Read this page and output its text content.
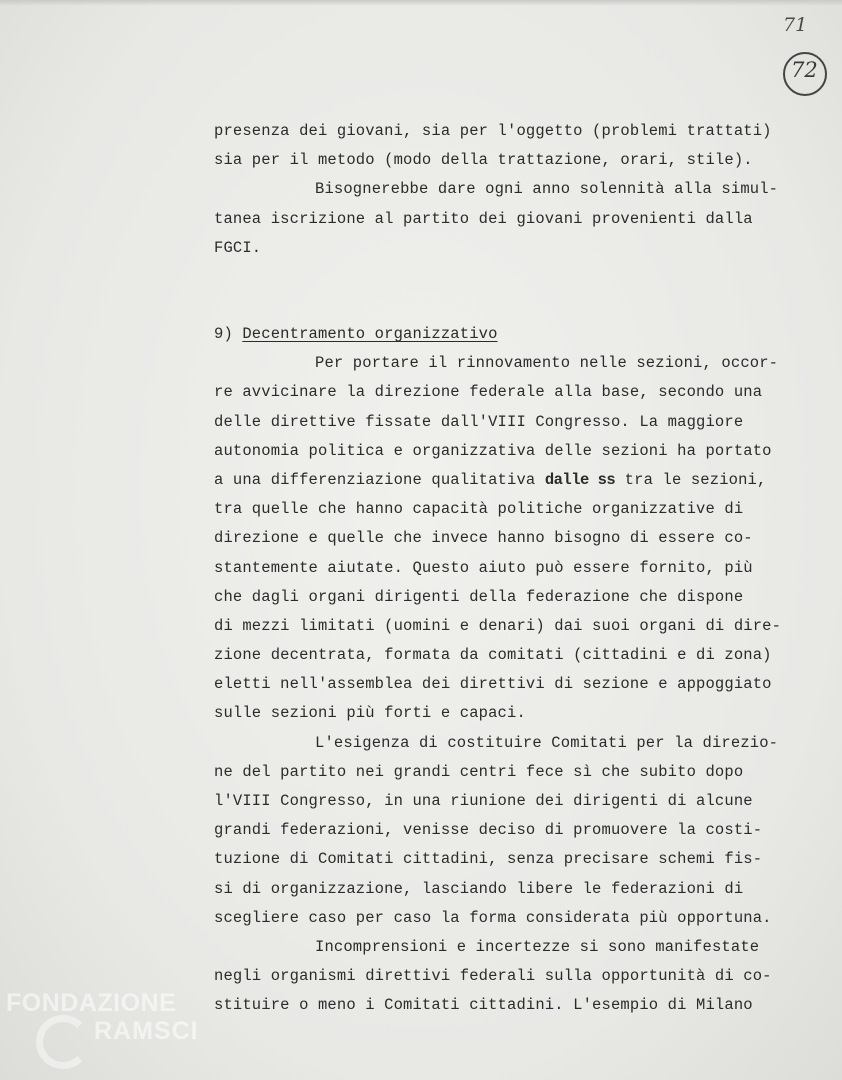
71
72
presenza dei giovani, sia per l'oggetto (problemi trattati)
sia per il metodo (modo della trattazione, orari, stile).
Bisognerebbe dare ogni anno solennità alla simul-
tanea iscrizione al partito dei giovani provenienti dalla
FGCI.
9) Decentramento organizzativo
Per portare il rinnovamento nelle sezioni, occor-
re avvicinare la direzione federale alla base, secondo una
delle direttive fissate dall'VIII Congresso. La maggiore
autonomia politica e organizzativa delle sezioni ha portato
a una differenziazione qualitativa dalle ss tra le sezioni,
tra quelle che hanno capacità politiche organizzative di
direzione e quelle che invece hanno bisogno di essere co-
stantemente aiutate. Questo aiuto può essere fornito, più
che dagli organi dirigenti della federazione che dispone
di mezzi limitati (uomini e denari) dai suoi organi di dire-
zione decentrata, formata da comitati (cittadini e di zona)
eletti nell'assemblea dei direttivi di sezione e appoggiato
sulle sezioni più forti e capaci.
L'esigenza di costituire Comitati per la direzio-
ne del partito nei grandi centri fece sì che subito dopo
l'VIII Congresso, in una riunione dei dirigenti di alcune
grandi federazioni, venisse deciso di promuovere la costi-
tuzione di Comitati cittadini, senza precisare schemi fis-
si di organizzazione, lasciando libere le federazioni di
scegliere caso per caso la forma considerata più opportuna.
Incomprensioni e incertezze si sono manifestate
negli organismi direttivi federali sulla opportunità di co-
stituire o meno i Comitati cittadini. L'esempio di Milano
FONDAZIONE
RAMSCI
